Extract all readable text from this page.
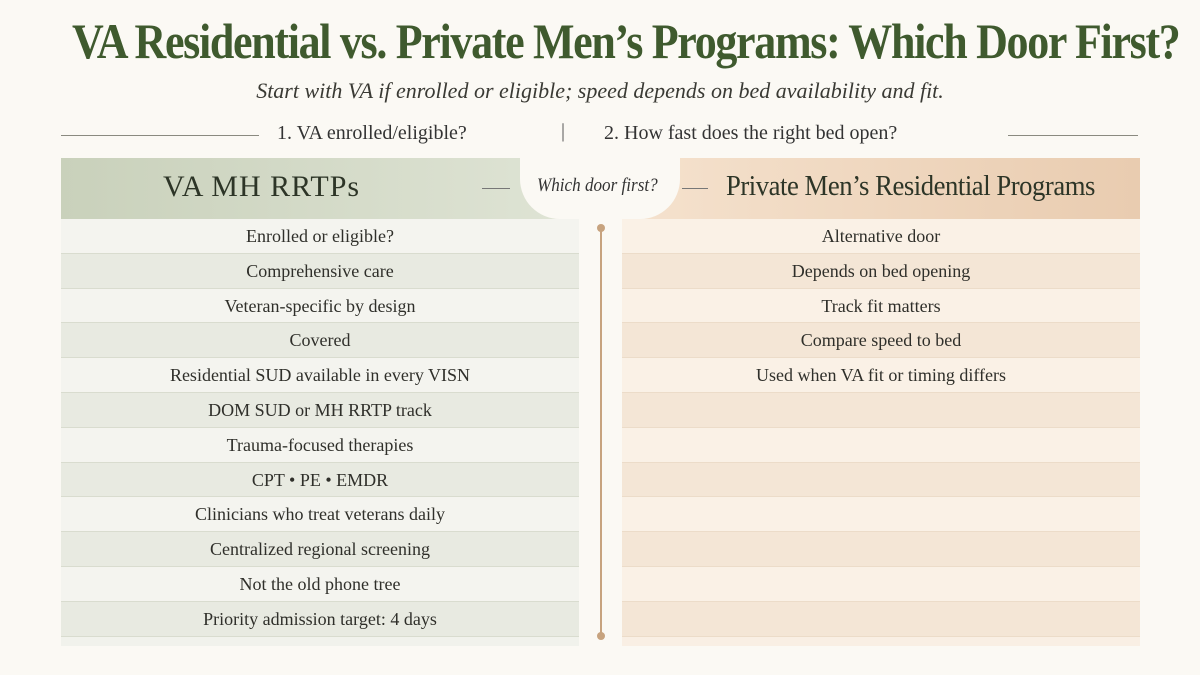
VA Residential vs. Private Men’s Programs: Which Door First?
Start with VA if enrolled or eligible; speed depends on bed availability and fit.
1. VA enrolled/eligible?	| 2. How fast does the right bed open?
VA MH RRTPs
Enrolled or eligible?
Comprehensive care
Veteran-specific by design
Covered
Residential SUD available in every VISN
DOM SUD or MH RRTP track
Trauma-focused therapies
CPT • PE • EMDR
Clinicians who treat veterans daily
Centralized regional screening
Not the old phone tree
Priority admission target: 4 days
Private Men’s Residential Programs
Alternative door
Depends on bed opening
Track fit matters
Compare speed to bed
Used when VA fit or timing differs
Which door first?
